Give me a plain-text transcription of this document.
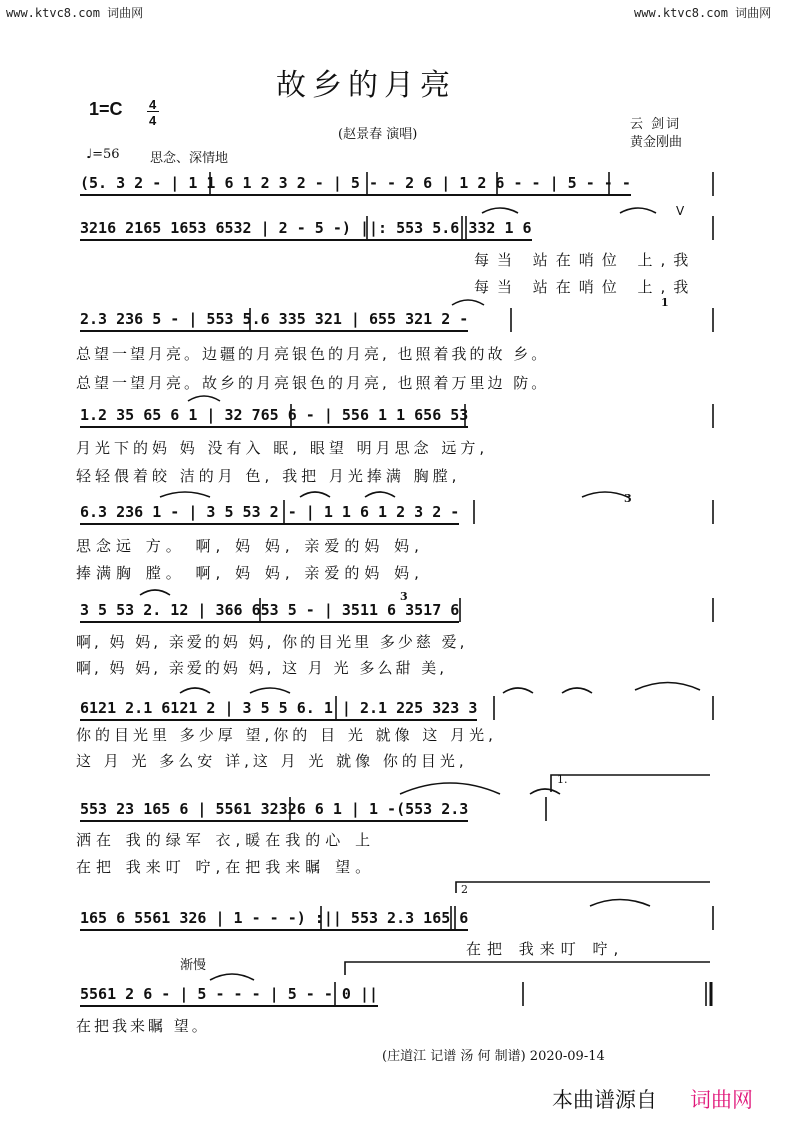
www.ktvc8.com 词曲网	www.ktvc8.com 词曲网
故乡的月亮
1=C 4
4
(赵景春 演唱)
云 剑词
黄金刚曲
♩=56 思念、深情地
(5. 3 2 - | 1 1 6 1 2 3 2 - | 5 - - 2 6 | 1 2 6 - - | 5 - - -
3216 2165 1653 6532 | 2 - 5 -) ||: 553 5.6 332 1 6
每当 站在哨位 上,我
每当 站在哨位 上,我
2.3 236 5 - | 553 5.6 335 321 | 655 321 2 -
总望一望月亮。边疆的月亮银色的月亮, 也照着我的故 乡。
总望一望月亮。故乡的月亮银色的月亮, 也照着万里边 防。
1.2 35 65 6 1 | 32 765 6 - | 556 1 1 656 53
月光下的妈 妈 没有入 眠, 眼望 明月思念 远方,
轻轻偎着皎 洁的月 色, 我把 月光捧满 胸膛,
6.3 236 1 - | 3 5 53 2 - | 1 1 6 1 2 3 2 -
思念远 方。 啊, 妈 妈, 亲爱的妈 妈,
捧满胸 膛。 啊, 妈 妈, 亲爱的妈 妈,
3 5 53 2. 12 | 366 653 5 - | 3511 6 3517 6
啊, 妈 妈, 亲爱的妈 妈, 你的目光里 多少慈 爱,
啊, 妈 妈, 亲爱的妈 妈, 这 月 光 多么甜 美,
6121 2.1 6121 2 | 3 5 5 6. 1 | 2.1 225 323 3
你的目光里 多少厚 望,你的 目 光 就像 这 月光,
这 月 光 多么安 详,这 月 光 就像 你的目光,
553 23 165 6 | 5561 32326 6 1 | 1 -(553 2.3
洒在 我的绿军 衣,暖在我的心 上
在把 我来叮 咛,在把我来瞩 望。
165 6 5561 326 | 1 - - -) :|| 553 2.3 165 6
在把 我来叮 咛,
渐慢
5561 2 6 - | 5 - - - | 5 - - 0 ||
在把我来瞩 望。
V
1
3
3
1.
2
(庄道江 记谱 汤 何 制谱) 2020-09-14
本曲谱源自 词曲网
